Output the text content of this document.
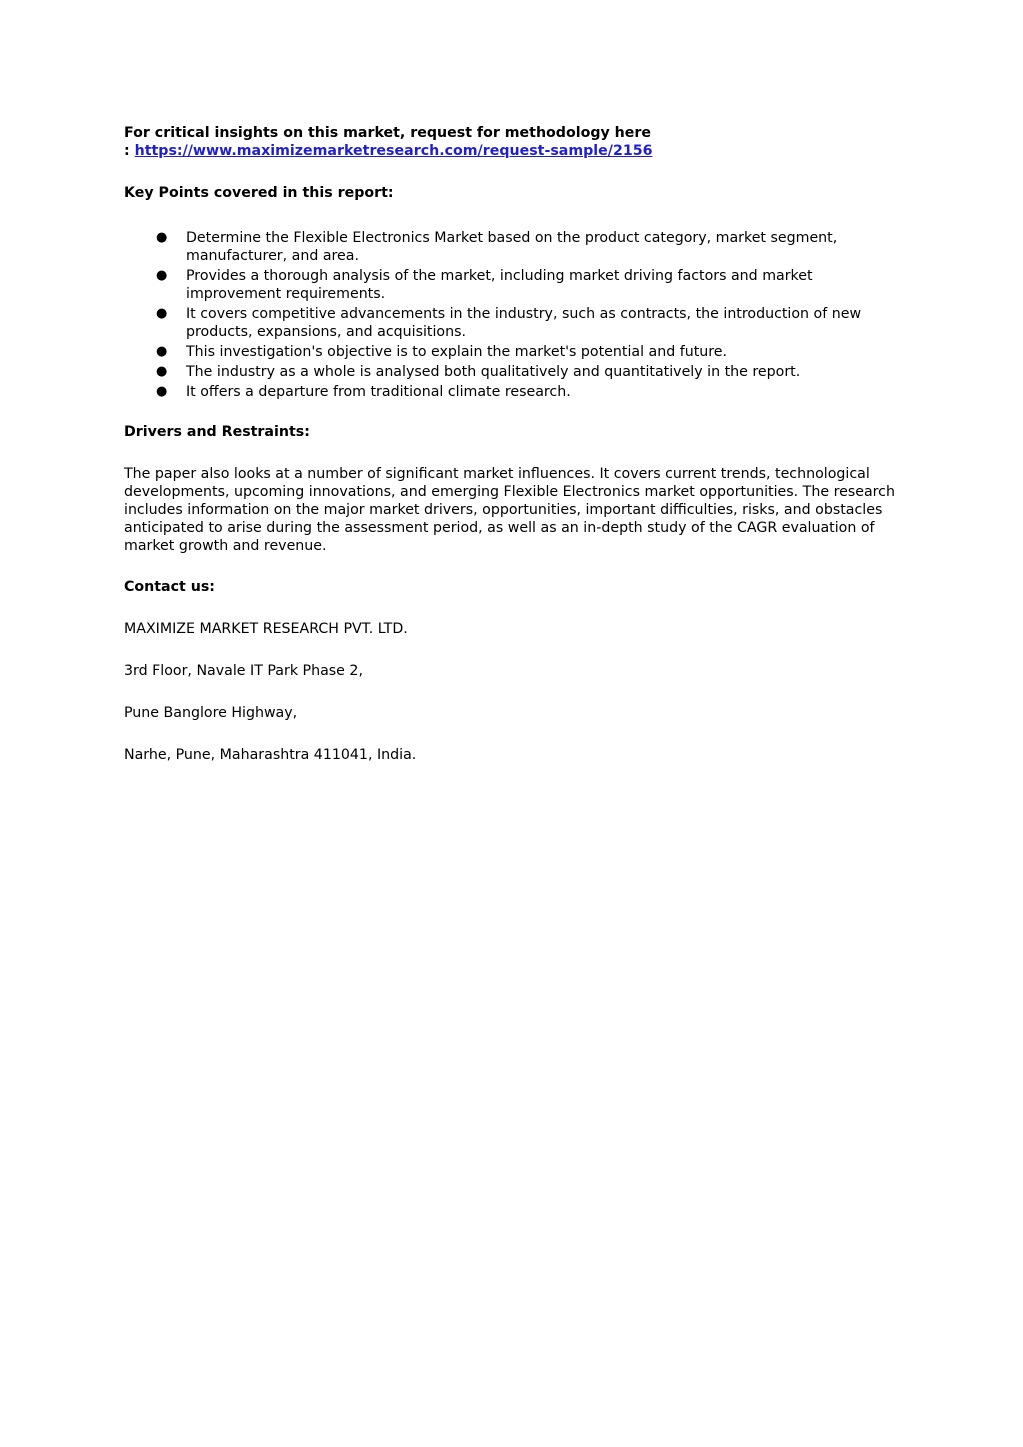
For critical insights on this market, request for methodology here
: https://www.maximizemarketresearch.com/request-sample/2156

Key Points covered in this report:
● Determine the Flexible Electronics Market based on the product category, market segment, manufacturer, and area.
● Provides a thorough analysis of the market, including market driving factors and market improvement requirements.
● It covers competitive advancements in the industry, such as contracts, the introduction of new products, expansions, and acquisitions.
● This investigation's objective is to explain the market's potential and future.
● The industry as a whole is analysed both qualitatively and quantitatively in the report.
● It offers a departure from traditional climate research.
Drivers and Restraints:

The paper also looks at a number of significant market influences. It covers current trends, technological developments, upcoming innovations, and emerging Flexible Electronics market opportunities. The research includes information on the major market drivers, opportunities, important difficulties, risks, and obstacles anticipated to arise during the assessment period, as well as an in-depth study of the CAGR evaluation of market growth and revenue.

Contact us:

MAXIMIZE MARKET RESEARCH PVT. LTD.

3rd Floor, Navale IT Park Phase 2,

Pune Banglore Highway,

Narhe, Pune, Maharashtra 411041, India.
